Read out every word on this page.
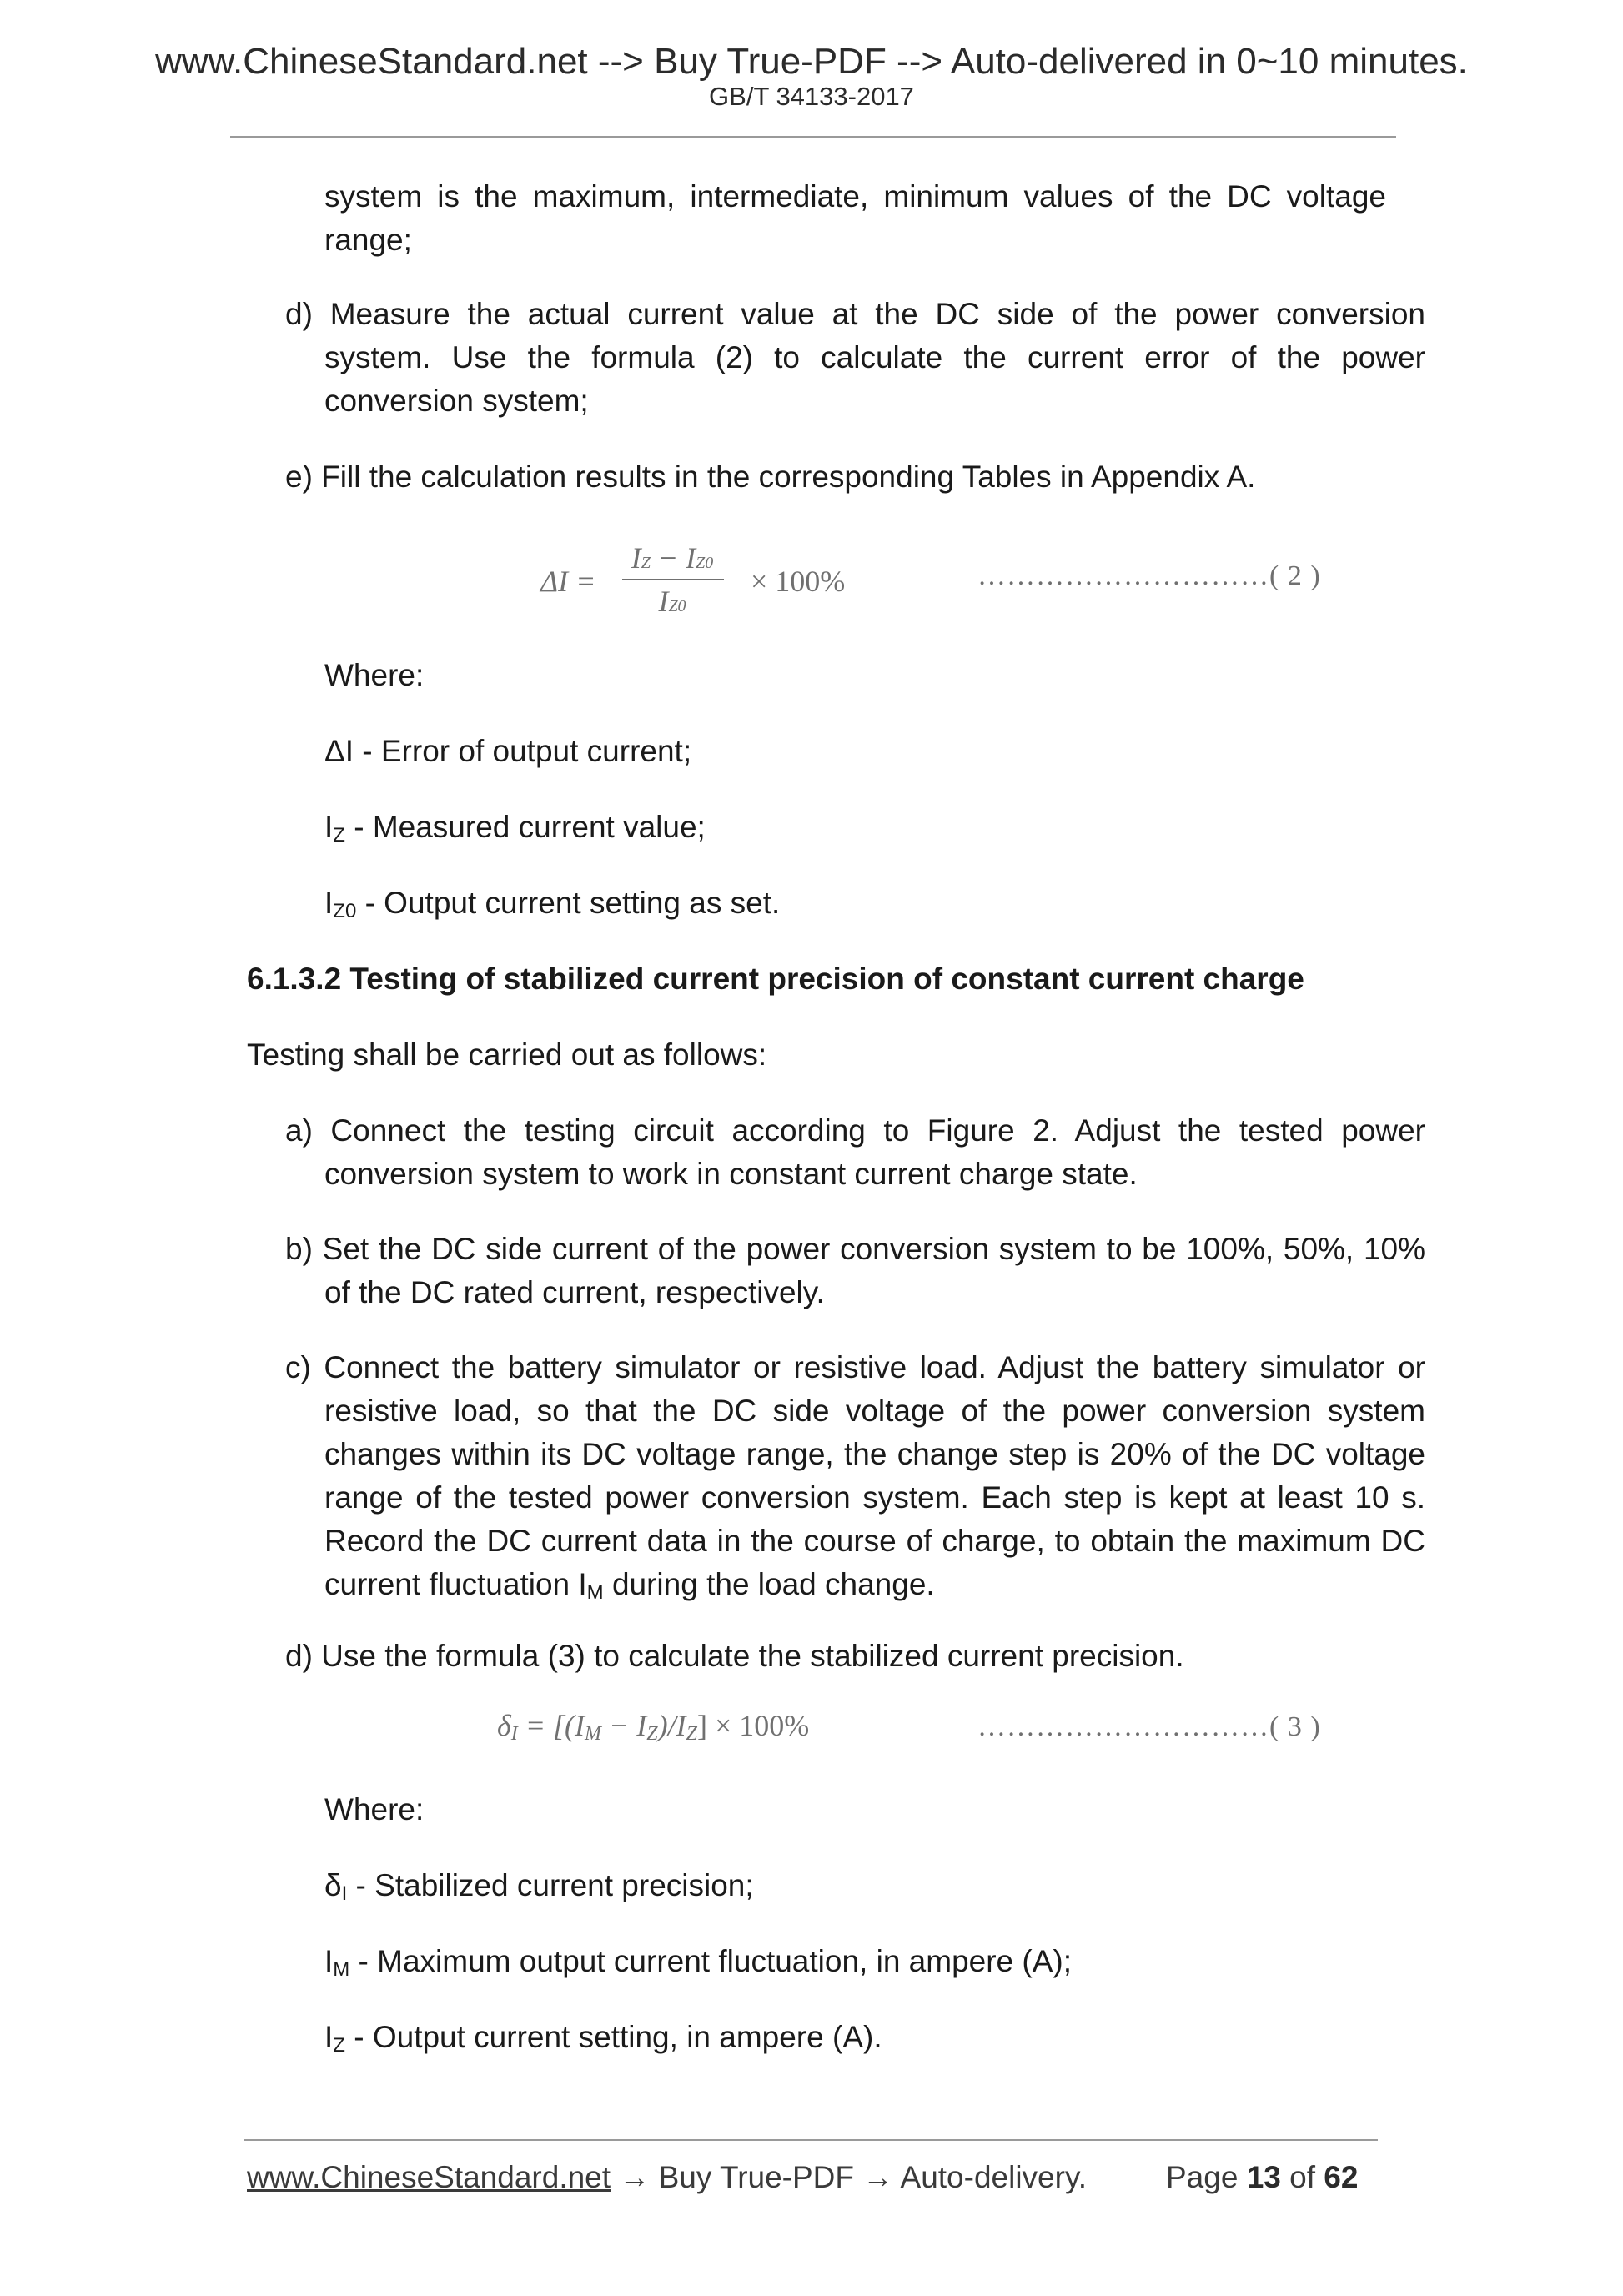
www.ChineseStandard.net --> Buy True-PDF --> Auto-delivered in 0~10 minutes.
GB/T 34133-2017
system is the maximum, intermediate, minimum values of the DC voltage range;
d) Measure the actual current value at the DC side of the power conversion system. Use the formula (2) to calculate the current error of the power conversion system;
e) Fill the calculation results in the corresponding Tables in Appendix A.
ΔI =
IZ − IZ0
IZ0
× 100%	…………………………( 2 )
Where:
ΔI - Error of output current;
$I_Z$ - Measured current value;
$I_{Z0}$ - Output current setting as set.
6.1.3.2 Testing of stabilized current precision of constant current charge
Testing shall be carried out as follows:
a) Connect the testing circuit according to Figure 2. Adjust the tested power conversion system to work in constant current charge state.
b) Set the DC side current of the power conversion system to be 100%, 50%, 10% of the DC rated current, respectively.
c) Connect the battery simulator or resistive load. Adjust the battery simulator or resistive load, so that the DC side voltage of the power conversion system changes within its DC voltage range, the change step is 20% of the DC voltage range of the tested power conversion system. Each step is kept at least 10 s. Record the DC current data in the course of charge, to obtain the maximum DC current fluctuation $I_M$ during the load change.
d) Use the formula (3) to calculate the stabilized current precision.
$\delta_I = [(I_M - I_Z)/I_Z] \times 100\%$	…………………………( 3 )
Where:
$\delta_I$ - Stabilized current precision;
$I_M$ - Maximum output current fluctuation, in ampere (A);
$I_Z$ - Output current setting, in ampere (A).
www.ChineseStandard.net → Buy True-PDF → Auto-delivery.	Page 13 of 62
